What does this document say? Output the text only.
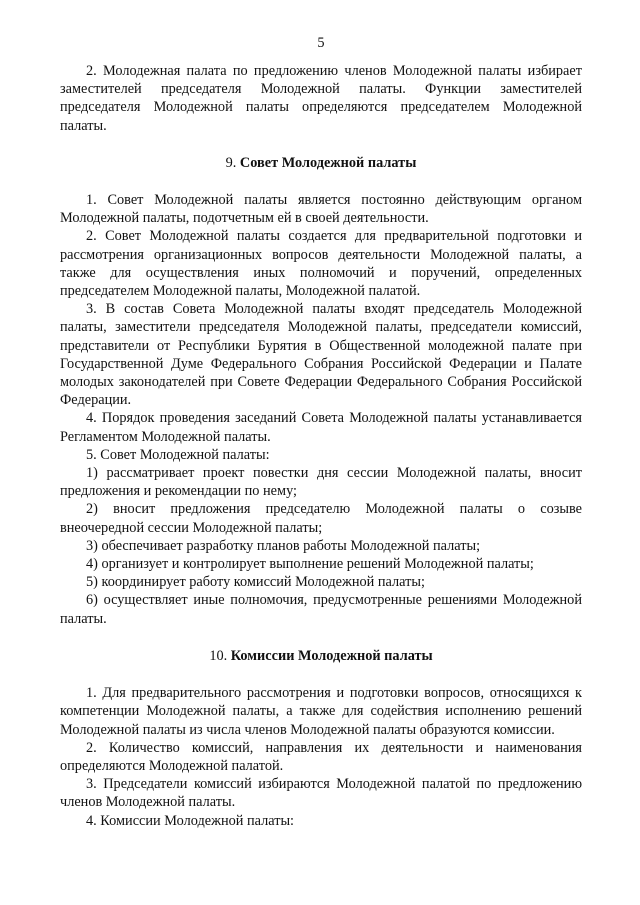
5

2. Молодежная палата по предложению членов Молодежной палаты избирает заместителей председателя Молодежной палаты. Функции заместителей председателя Молодежной палаты определяются председателем Молодежной палаты.

9. Совет Молодежной палаты

1. Совет Молодежной палаты является постоянно действующим органом Молодежной палаты, подотчетным ей в своей деятельности.

2. Совет Молодежной палаты создается для предварительной подготовки и рассмотрения организационных вопросов деятельности Молодежной палаты, а также для осуществления иных полномочий и поручений, определенных председателем Молодежной палаты, Молодежной палатой.

3. В состав Совета Молодежной палаты входят председатель Молодежной палаты, заместители председателя Молодежной палаты, председатели комиссий, представители от Республики Бурятия в Общественной молодежной палате при Государственной Думе Федерального Собрания Российской Федерации и Палате молодых законодателей при Совете Федерации Федерального Собрания Российской Федерации.

4. Порядок проведения заседаний Совета Молодежной палаты устанавливается Регламентом Молодежной палаты.

5. Совет Молодежной палаты:

1) рассматривает проект повестки дня сессии Молодежной палаты, вносит предложения и рекомендации по нему;

2) вносит предложения председателю Молодежной палаты о созыве внеочередной сессии Молодежной палаты;

3) обеспечивает разработку планов работы Молодежной палаты;

4) организует и контролирует выполнение решений Молодежной палаты;

5) координирует работу комиссий Молодежной палаты;

6) осуществляет иные полномочия, предусмотренные решениями Молодежной палаты.

10. Комиссии Молодежной палаты

1. Для предварительного рассмотрения и подготовки вопросов, относящихся к компетенции Молодежной палаты, а также для содействия исполнению решений Молодежной палаты из числа членов Молодежной палаты образуются комиссии.

2. Количество комиссий, направления их деятельности и наименования определяются Молодежной палатой.

3. Председатели комиссий избираются Молодежной палатой по предложению членов Молодежной палаты.

4. Комиссии Молодежной палаты:
